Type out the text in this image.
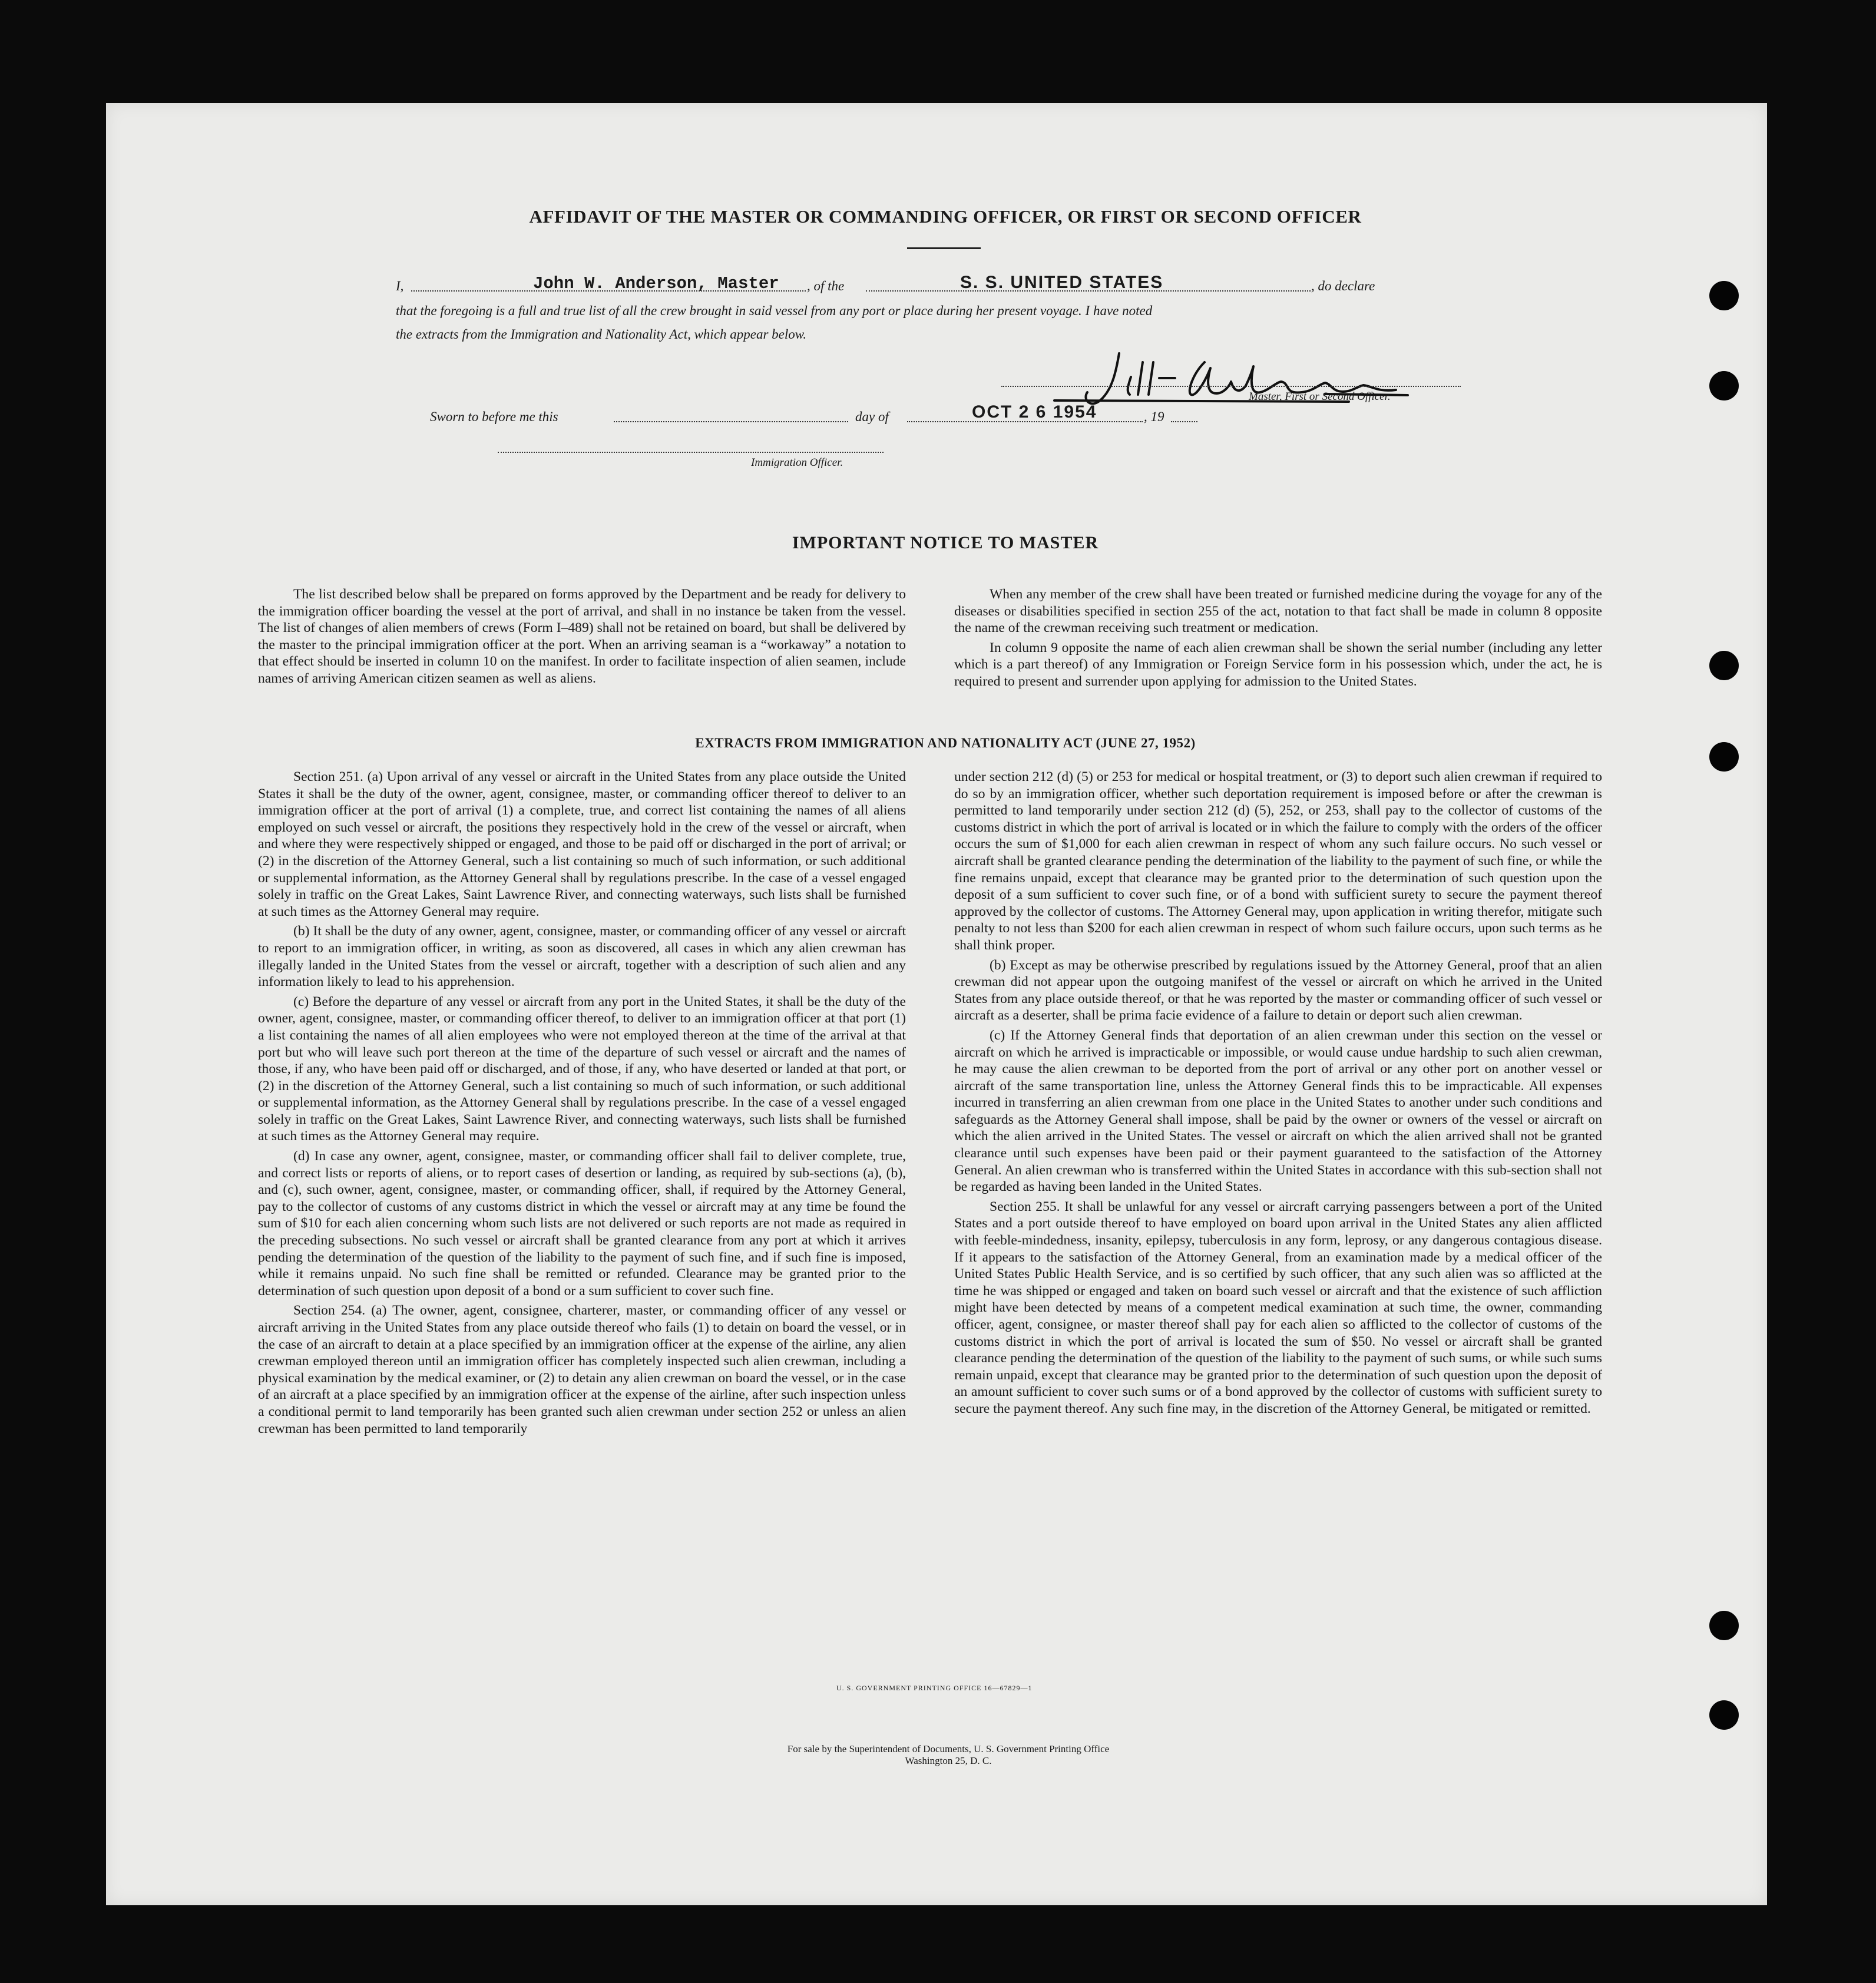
AFFIDAVIT OF THE MASTER OR COMMANDING OFFICER, OR FIRST OR SECOND OFFICER
I,	John W. Anderson, Master , of the	S. S. UNITED STATES	, do declare
that the foregoing is a full and true list of all the crew brought in said vessel from any port or place during her present voyage. I have noted
the extracts from the Immigration and Nationality Act, which appear below.
Master, First or Second Officer.
Sworn to before me this	day of	OCT 2 6 1954	, 19
Immigration Officer.
IMPORTANT NOTICE TO MASTER

The list described below shall be prepared on forms approved by the Department and be ready for delivery to the immigration officer boarding the vessel at the port of arrival, and shall in no instance be taken from the vessel. The list of changes of alien members of crews (Form I–489) shall not be retained on board, but shall be delivered by the master to the principal immigration officer at the port. When an arriving seaman is a “workaway” a notation to that effect should be inserted in column 10 on the manifest. In order to facilitate inspection of alien seamen, include names of arriving American citizen seamen as well as aliens.

When any member of the crew shall have been treated or furnished medicine during the voyage for any of the diseases or disabilities specified in section 255 of the act, notation to that fact shall be made in column 8 opposite the name of the crewman receiving such treatment or medication.

In column 9 opposite the name of each alien crewman shall be shown the serial number (including any letter which is a part thereof) of any Immigration or Foreign Service form in his possession which, under the act, he is required to present and surrender upon applying for admission to the United States.

EXTRACTS FROM IMMIGRATION AND NATIONALITY ACT (JUNE 27, 1952)

Section 251. (a) Upon arrival of any vessel or aircraft in the United States from any place outside the United States it shall be the duty of the owner, agent, consignee, master, or commanding officer thereof to deliver to an immigration officer at the port of arrival (1) a complete, true, and correct list containing the names of all aliens employed on such vessel or aircraft, the positions they respectively hold in the crew of the vessel or aircraft, when and where they were respectively shipped or engaged, and those to be paid off or discharged in the port of arrival; or (2) in the discretion of the Attorney General, such a list containing so much of such information, or such additional or supplemental information, as the Attorney General shall by regulations prescribe. In the case of a vessel engaged solely in traffic on the Great Lakes, Saint Lawrence River, and connecting waterways, such lists shall be furnished at such times as the Attorney General may require.

(b) It shall be the duty of any owner, agent, consignee, master, or commanding officer of any vessel or aircraft to report to an immigration officer, in writing, as soon as discovered, all cases in which any alien crewman has illegally landed in the United States from the vessel or aircraft, together with a description of such alien and any information likely to lead to his apprehension.

(c) Before the departure of any vessel or aircraft from any port in the United States, it shall be the duty of the owner, agent, consignee, master, or commanding officer thereof, to deliver to an immigration officer at that port (1) a list containing the names of all alien employees who were not employed thereon at the time of the arrival at that port but who will leave such port thereon at the time of the departure of such vessel or aircraft and the names of those, if any, who have been paid off or discharged, and of those, if any, who have deserted or landed at that port, or (2) in the discretion of the Attorney General, such a list containing so much of such information, or such additional or supplemental information, as the Attorney General shall by regulations prescribe. In the case of a vessel engaged solely in traffic on the Great Lakes, Saint Lawrence River, and connecting waterways, such lists shall be furnished at such times as the Attorney General may require.

(d) In case any owner, agent, consignee, master, or commanding officer shall fail to deliver complete, true, and correct lists or reports of aliens, or to report cases of desertion or landing, as required by sub-sections (a), (b), and (c), such owner, agent, consignee, master, or commanding officer, shall, if required by the Attorney General, pay to the collector of customs of any customs district in which the vessel or aircraft may at any time be found the sum of $10 for each alien concerning whom such lists are not delivered or such reports are not made as required in the preceding subsections. No such vessel or aircraft shall be granted clearance from any port at which it arrives pending the determination of the question of the liability to the payment of such fine, and if such fine is imposed, while it remains unpaid. No such fine shall be remitted or refunded. Clearance may be granted prior to the determination of such question upon deposit of a bond or a sum sufficient to cover such fine.

Section 254. (a) The owner, agent, consignee, charterer, master, or commanding officer of any vessel or aircraft arriving in the United States from any place outside thereof who fails (1) to detain on board the vessel, or in the case of an aircraft to detain at a place specified by an immigration officer at the expense of the airline, any alien crewman employed thereon until an immigration officer has completely inspected such alien crewman, including a physical examination by the medical examiner, or (2) to detain any alien crewman on board the vessel, or in the case of an aircraft at a place specified by an immigration officer at the expense of the airline, after such inspection unless a conditional permit to land temporarily has been granted such alien crewman under section 252 or unless an alien crewman has been permitted to land temporarily

under section 212 (d) (5) or 253 for medical or hospital treatment, or (3) to deport such alien crewman if required to do so by an immigration officer, whether such deportation requirement is imposed before or after the crewman is permitted to land temporarily under section 212 (d) (5), 252, or 253, shall pay to the collector of customs of the customs district in which the port of arrival is located or in which the failure to comply with the orders of the officer occurs the sum of $1,000 for each alien crewman in respect of whom any such failure occurs. No such vessel or aircraft shall be granted clearance pending the determination of the liability to the payment of such fine, or while the fine remains unpaid, except that clearance may be granted prior to the determination of such question upon the deposit of a sum sufficient to cover such fine, or of a bond with sufficient surety to secure the payment thereof approved by the collector of customs. The Attorney General may, upon application in writing therefor, mitigate such penalty to not less than $200 for each alien crewman in respect of whom such failure occurs, upon such terms as he shall think proper.

(b) Except as may be otherwise prescribed by regulations issued by the Attorney General, proof that an alien crewman did not appear upon the outgoing manifest of the vessel or aircraft on which he arrived in the United States from any place outside thereof, or that he was reported by the master or commanding officer of such vessel or aircraft as a deserter, shall be prima facie evidence of a failure to detain or deport such alien crewman.

(c) If the Attorney General finds that deportation of an alien crewman under this section on the vessel or aircraft on which he arrived is impracticable or impossible, or would cause undue hardship to such alien crewman, he may cause the alien crewman to be deported from the port of arrival or any other port on another vessel or aircraft of the same transportation line, unless the Attorney General finds this to be impracticable. All expenses incurred in transferring an alien crewman from one place in the United States to another under such conditions and safeguards as the Attorney General shall impose, shall be paid by the owner or owners of the vessel or aircraft on which the alien arrived in the United States. The vessel or aircraft on which the alien arrived shall not be granted clearance until such expenses have been paid or their payment guaranteed to the satisfaction of the Attorney General. An alien crewman who is transferred within the United States in accordance with this sub-section shall not be regarded as having been landed in the United States.

Section 255. It shall be unlawful for any vessel or aircraft carrying passengers between a port of the United States and a port outside thereof to have employed on board upon arrival in the United States any alien afflicted with feeble-mindedness, insanity, epilepsy, tuberculosis in any form, leprosy, or any dangerous contagious disease. If it appears to the satisfaction of the Attorney General, from an examination made by a medical officer of the United States Public Health Service, and is so certified by such officer, that any such alien was so afflicted at the time he was shipped or engaged and taken on board such vessel or aircraft and that the existence of such affliction might have been detected by means of a competent medical examination at such time, the owner, commanding officer, agent, consignee, or master thereof shall pay for each alien so afflicted to the collector of customs of the customs district in which the port of arrival is located the sum of $50. No vessel or aircraft shall be granted clearance pending the determination of the question of the liability to the payment of such sums, or while such sums remain unpaid, except that clearance may be granted prior to the determination of such question upon the deposit of an amount sufficient to cover such sums or of a bond approved by the collector of customs with sufficient surety to secure the payment thereof. Any such fine may, in the discretion of the Attorney General, be mitigated or remitted.

U. S. GOVERNMENT PRINTING OFFICE 16—67829—1
For sale by the Superintendent of Documents, U. S. Government Printing Office
Washington 25, D. C.
